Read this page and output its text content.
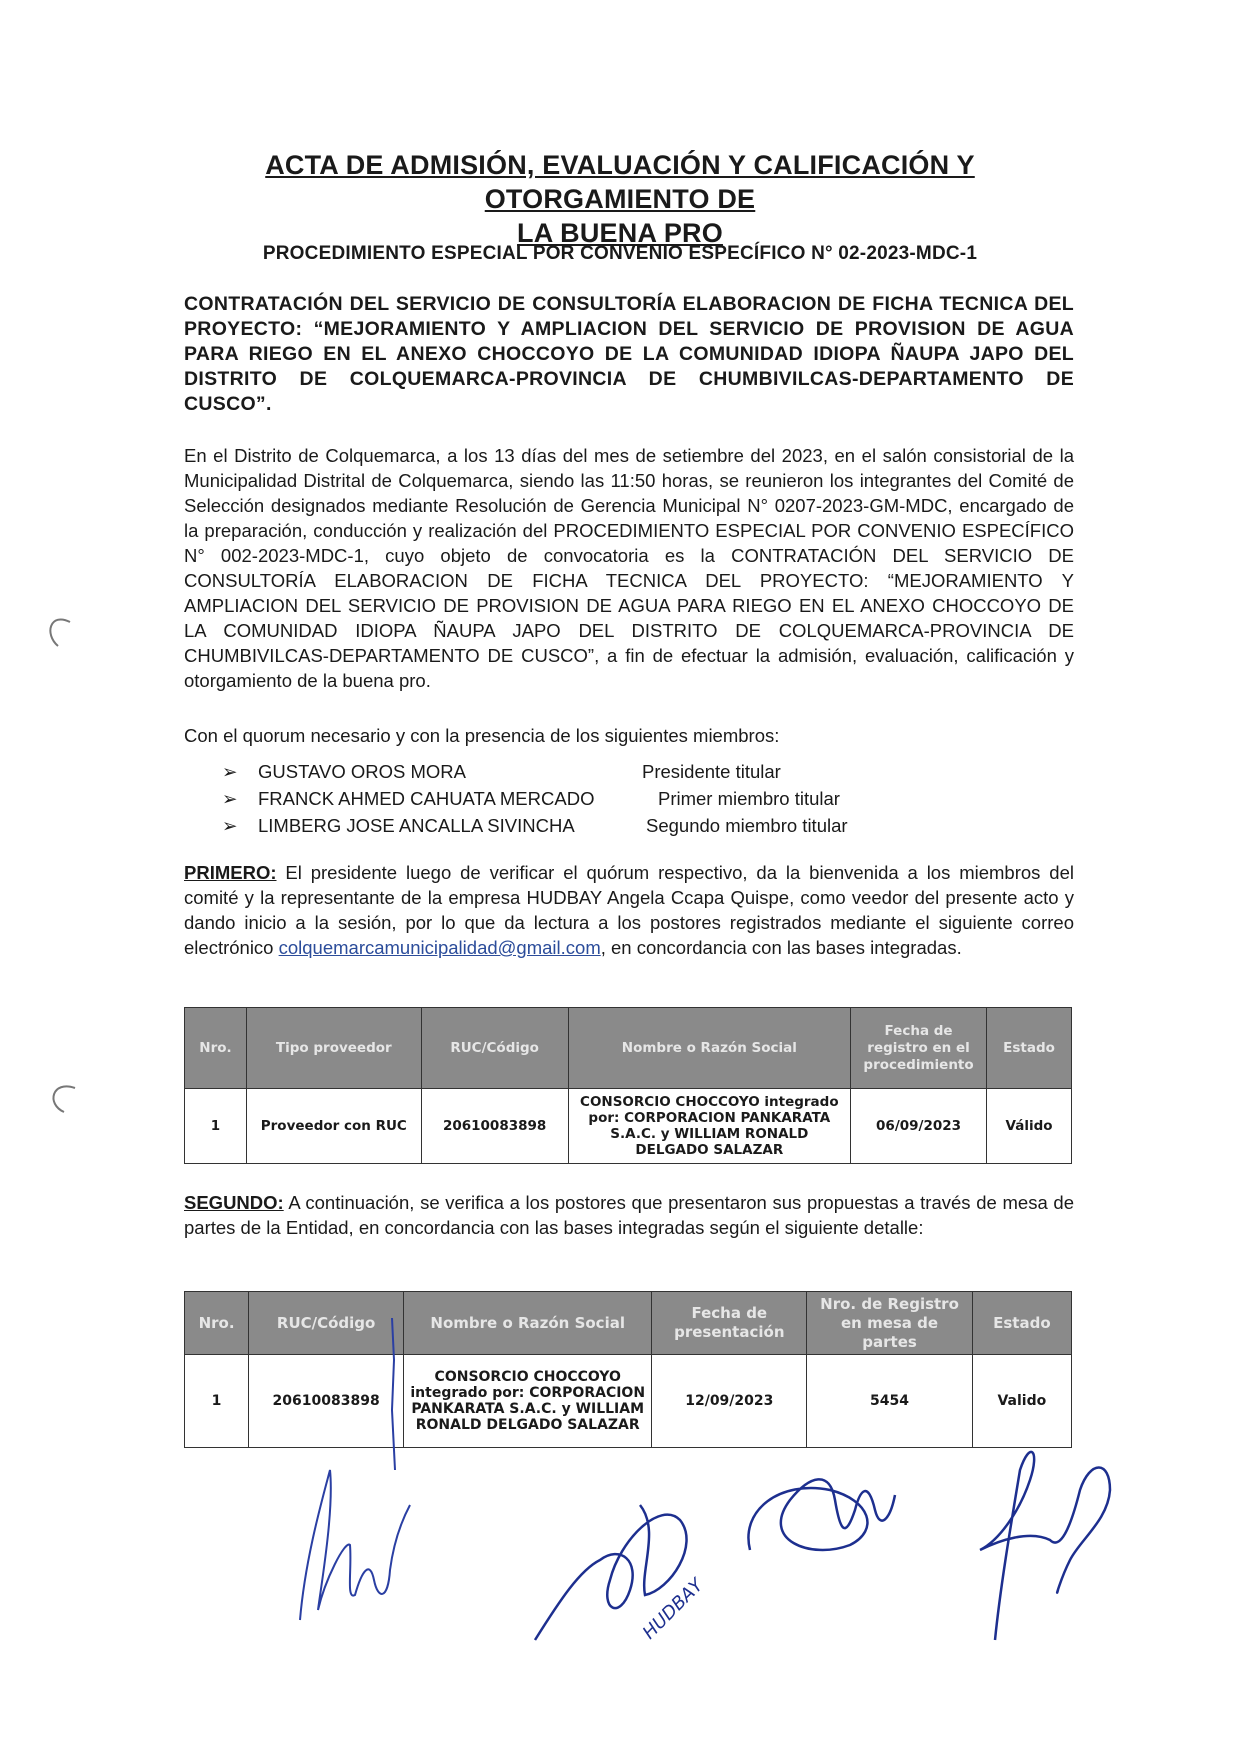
ACTA DE ADMISIÓN, EVALUACIÓN Y CALIFICACIÓN Y OTORGAMIENTO DE
LA BUENA PRO
PROCEDIMIENTO ESPECIAL POR CONVENIO ESPECÍFICO N° 02-2023-MDC-1
CONTRATACIÓN DEL SERVICIO DE CONSULTORÍA ELABORACION DE FICHA TECNICA DEL PROYECTO: “MEJORAMIENTO Y AMPLIACION DEL SERVICIO DE PROVISION DE AGUA PARA RIEGO EN EL ANEXO CHOCCOYO DE LA COMUNIDAD IDIOPA ÑAUPA JAPO DEL DISTRITO DE COLQUEMARCA-PROVINCIA DE CHUMBIVILCAS-DEPARTAMENTO DE CUSCO”.
En el Distrito de Colquemarca, a los 13 días del mes de setiembre del 2023, en el salón consistorial de la Municipalidad Distrital de Colquemarca, siendo las 11:50 horas, se reunieron los integrantes del Comité de Selección designados mediante Resolución de Gerencia Municipal N° 0207-2023-GM-MDC, encargado de la preparación, conducción y realización del PROCEDIMIENTO ESPECIAL POR CONVENIO ESPECÍFICO N° 002-2023-MDC-1, cuyo objeto de convocatoria es la CONTRATACIÓN DEL SERVICIO DE CONSULTORÍA ELABORACION DE FICHA TECNICA DEL PROYECTO: “MEJORAMIENTO Y AMPLIACION DEL SERVICIO DE PROVISION DE AGUA PARA RIEGO EN EL ANEXO CHOCCOYO DE LA COMUNIDAD IDIOPA ÑAUPA JAPO DEL DISTRITO DE COLQUEMARCA-PROVINCIA DE CHUMBIVILCAS-DEPARTAMENTO DE CUSCO”, a fin de efectuar la admisión, evaluación, calificación y otorgamiento de la buena pro.
Con el quorum necesario y con la presencia de los siguientes miembros:
➢ GUSTAVO OROS MORA	Presidente titular
➢ FRANCK AHMED CAHUATA MERCADO	Primer miembro titular
➢ LIMBERG JOSE ANCALLA SIVINCHA	Segundo miembro titular
PRIMERO: El presidente luego de verificar el quórum respectivo, da la bienvenida a los miembros del comité y la representante de la empresa HUDBAY Angela Ccapa Quispe, como veedor del presente acto y dando inicio a la sesión, por lo que da lectura a los postores registrados mediante el siguiente correo electrónico colquemarcamunicipalidad@gmail.com, en concordancia con las bases integradas.
Nro.	Tipo proveedor	RUC/Código	Nombre o Razón Social	Fecha de registro en el procedimiento	Estado
1	Proveedor con RUC	20610083898	CONSORCIO CHOCCOYO integrado por: CORPORACION PANKARATA S.A.C. y WILLIAM RONALD DELGADO SALAZAR	06/09/2023	Válido
SEGUNDO: A continuación, se verifica a los postores que presentaron sus propuestas a través de mesa de partes de la Entidad, en concordancia con las bases integradas según el siguiente detalle:
Nro.	RUC/Código	Nombre o Razón Social	Fecha de presentación	Nro. de Registro en mesa de partes	Estado
1	20610083898	CONSORCIO CHOCCOYO integrado por: CORPORACION PANKARATA S.A.C. y WILLIAM RONALD DELGADO SALAZAR	12/09/2023	5454	Valido
HUDBAY
